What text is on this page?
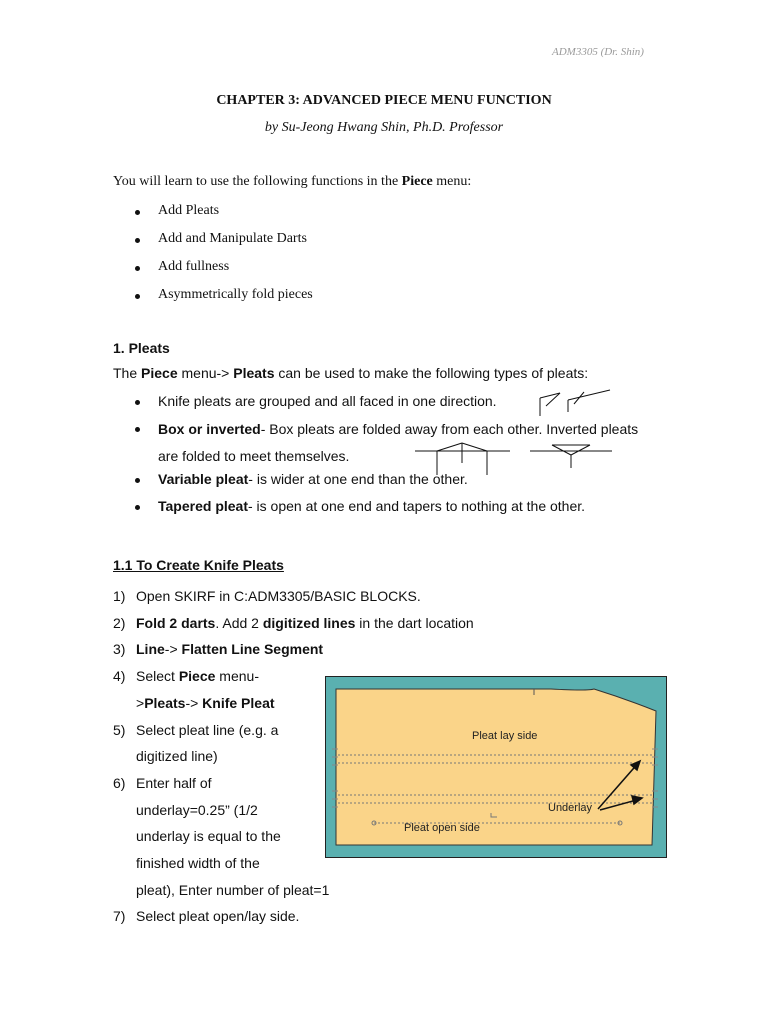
ADM3305 (Dr. Shin)
CHAPTER 3: ADVANCED PIECE MENU FUNCTION
by Su-Jeong Hwang Shin, Ph.D. Professor

You will learn to use the following functions in the Piece menu:

Add Pleats
Add and Manipulate Darts
Add fullness
Asymmetrically fold pieces
1. Pleats

The Piece menu-> Pleats can be used to make the following types of pleats:

Knife pleats are grouped and all faced in one direction.
Box or inverted- Box pleats are folded away from each other. Inverted pleats are folded to meet themselves.
Variable pleat- is wider at one end than the other.
Tapered pleat- is open at one end and tapers to nothing at the other.
1.1 To Create Knife Pleats
1) Open SKIRF in C:ADM3305/BASIC BLOCKS.
2) Fold 2 darts. Add 2 digitized lines in the dart location
3) Line-> Flatten Line Segment
4) Select Piece menu-
>Pleats-> Knife Pleat
5) Select pleat line (e.g. a
digitized line)
6) Enter half of
underlay=0.25” (1/2
underlay is equal to the
finished width of the
pleat), Enter number of pleat=1
7) Select pleat open/lay side.
Pleat lay side
Underlay
Pleat open side
